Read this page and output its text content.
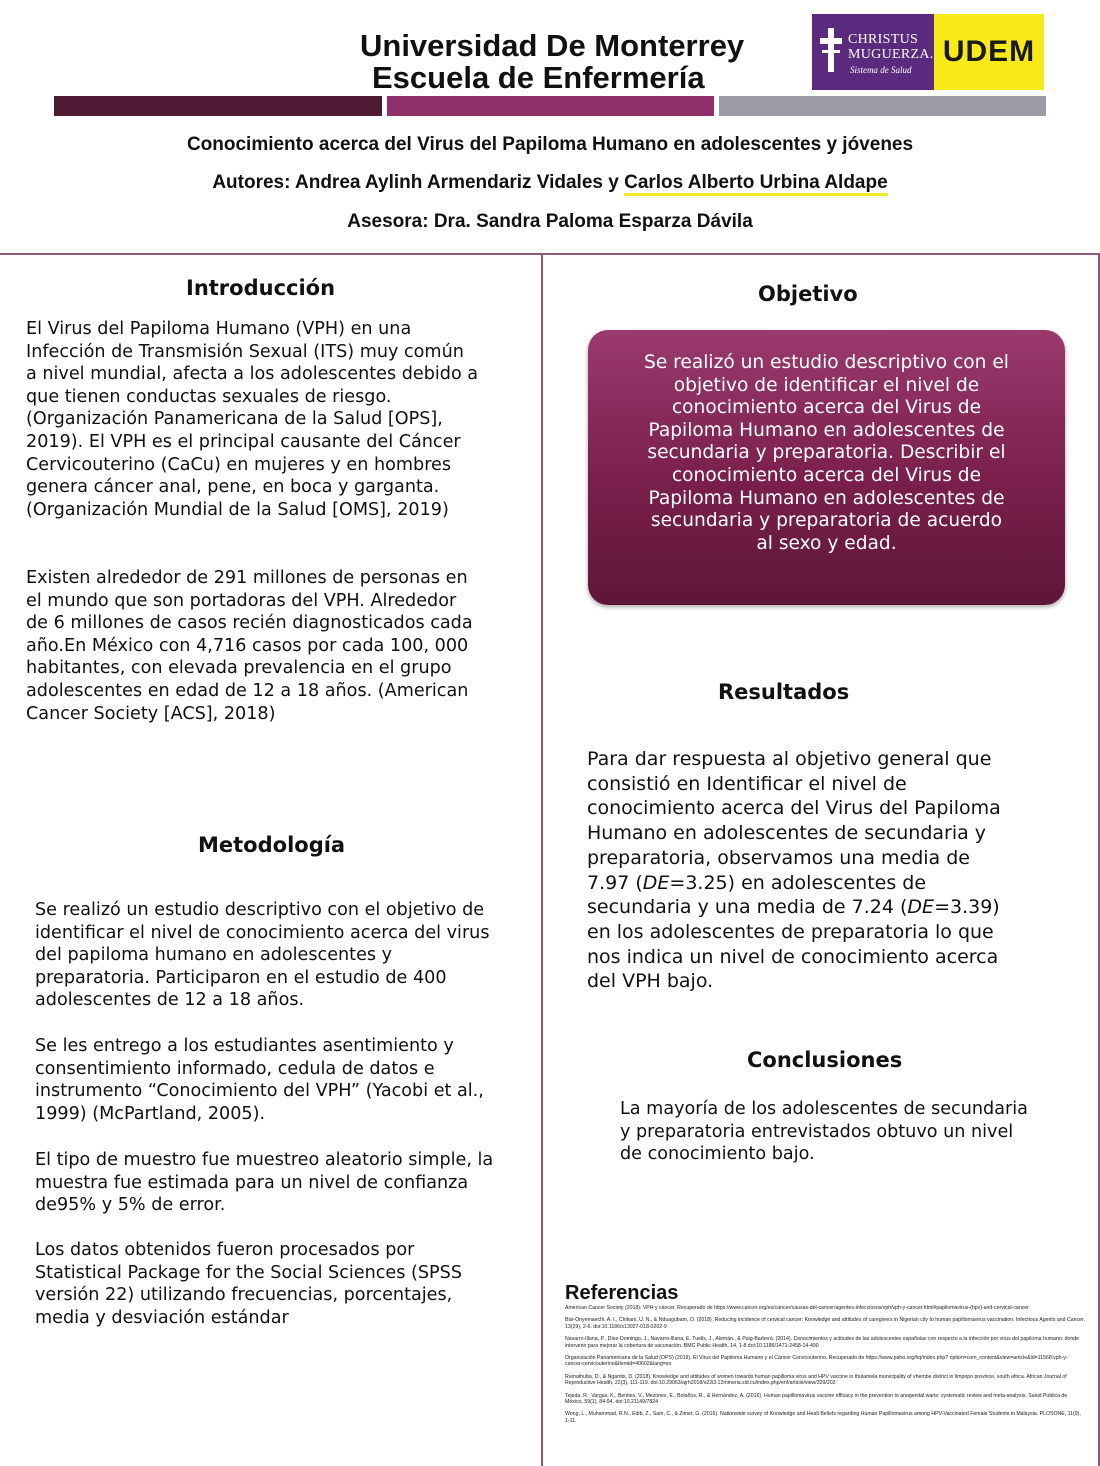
Universidad De Monterrey
Escuela de Enfermería
CHRISTUS
MUGUERZA.
Sistema de Salud
UDEM
Conocimiento acerca del Virus del Papiloma Humano en adolescentes y jóvenes
Autores: Andrea Aylinh Armendariz Vidales y Carlos Alberto Urbina Aldape
Asesora: Dra. Sandra Paloma Esparza Dávila
Introducción
El Virus del Papiloma Humano (VPH) en una
Infección de Transmisión Sexual (ITS) muy común
a nivel mundial, afecta a los adolescentes debido a
que tienen conductas sexuales de riesgo.
(Organización Panamericana de la Salud [OPS],
2019). El VPH es el principal causante del Cáncer
Cervicouterino (CaCu) en mujeres y en hombres
genera cáncer anal, pene, en boca y garganta.
(Organización Mundial de la Salud [OMS], 2019)
Existen alrededor de 291 millones de personas en
el mundo que son portadoras del VPH. Alrededor
de 6 millones de casos recién diagnosticados cada
año.En México con 4,716 casos por cada 100, 000
habitantes, con elevada prevalencia en el grupo
adolescentes en edad de 12 a 18 años. (American
Cancer Society [ACS], 2018)
Metodología
Se realizó un estudio descriptivo con el objetivo de
identificar el nivel de conocimiento acerca del virus
del papiloma humano en adolescentes y
preparatoria. Participaron en el estudio de 400
adolescentes de 12 a 18 años.
Se les entrego a los estudiantes asentimiento y
consentimiento informado, cedula de datos e
instrumento “Conocimiento del VPH” (Yacobi et al.,
1999) (McPartland, 2005).
El tipo de muestro fue muestreo aleatorio simple, la
muestra fue estimada para un nivel de confianza
de95% y 5% de error.
Los datos obtenidos fueron procesados por
Statistical Package for the Social Sciences (SPSS
versión 22) utilizando frecuencias, porcentajes,
media y desviación estándar
Objetivo
Se realizó un estudio descriptivo con el
objetivo de identificar el nivel de
conocimiento acerca del Virus de
Papiloma Humano en adolescentes de
secundaria y preparatoria. Describir el
conocimiento acerca del Virus de
Papiloma Humano en adolescentes de
secundaria y preparatoria de acuerdo
al sexo y edad.
Resultados
Para dar respuesta al objetivo general que
consistió en Identificar el nivel de
conocimiento acerca del Virus del Papiloma
Humano en adolescentes de secundaria y
preparatoria, observamos una media de
7.97 (DE=3.25) en adolescentes de
secundaria y una media de 7.24 (DE=3.39)
en los adolescentes de preparatoria lo que
nos indica un nivel de conocimiento acerca
del VPH bajo.
Conclusiones
La mayoría de los adolescentes de secundaria
y preparatoria entrevistados obtuvo un nivel
de conocimiento bajo.
Referencias
American Cancer Society (2018). VPH y cáncer. Recuperado de https://www.cancer.org/es/cancer/causas-del-cancer/agentes-infecciosos/vph/vph-y-cancer.html#papilomavirus-(hpv)-and-cervical-cancer
Bisi-Onyemaechi, A. I., Chikani, U. N., & Nduagubam, O. (2018). Reducing incidence of cervical cancer: Knowledge and attitudes of caregivers in Nigerian city to human papillomavirus vaccination. Infectious Agents and Cancer, 13(29), 2-6. doi:10.1186/s13027-018-0202-9
Navarro-Illana, P., Díez-Domingo, J., Navarro-Illana, E. Tuells, J., Alemán., & Puig-Barberá. (2014). Conocimientos y actitudes de las adolescentes españolas con respecto a la infección por virus del papiloma humano: donde intervenir para mejorar la cobertura de vacunación. BMC Public Health, 14, 1-8 doi:10.1186/1471-2458-14-490
Organización Panamericana de la Salud (OPS) (2019). El Virus del Papiloma Humano y el Cáncer Cervicouterino. Recuperado de https://www.paho.org/hq/index.php? option=com_content&view=article&id=11568:vph-y- cancer-cervicouterino&Itemid=40602&lang=es
Ramathuba, D., & Ngambi, D. (2018). Knowledge and attitudes of women towards human papilloma virus and HPV vaccine in thulamela municipality of vhembe district in limpopo province, south africa. African Journal of Reproductive Health, 22(3), 111-119. doi:10.29063/ajrh2018/v22i3.12mmeria.sld.cu/index.php/enf/article/view/329/202
Tejeda, R., Vargas, K., Benites, V., Mezones, E., Bolaños, R., & Hernández, A. (2016). Human papillomavirus vaccine efficacy in the prevention to anogenital warts: systematic review and meta-analysis. Salud Publica de México, 59(1), 84-94. doi:10.21149/7824
Wong, L., Muhammad, R.N., Edib, Z., Sam, C., & Zimet, G. (2016). Nationwide survey of Knowledge and Healt Beliefs regarding Human Papillomavirus among HPV-Vaccinated Female Students in Malaysia. PLOSONE, 11(9), 1-11.
